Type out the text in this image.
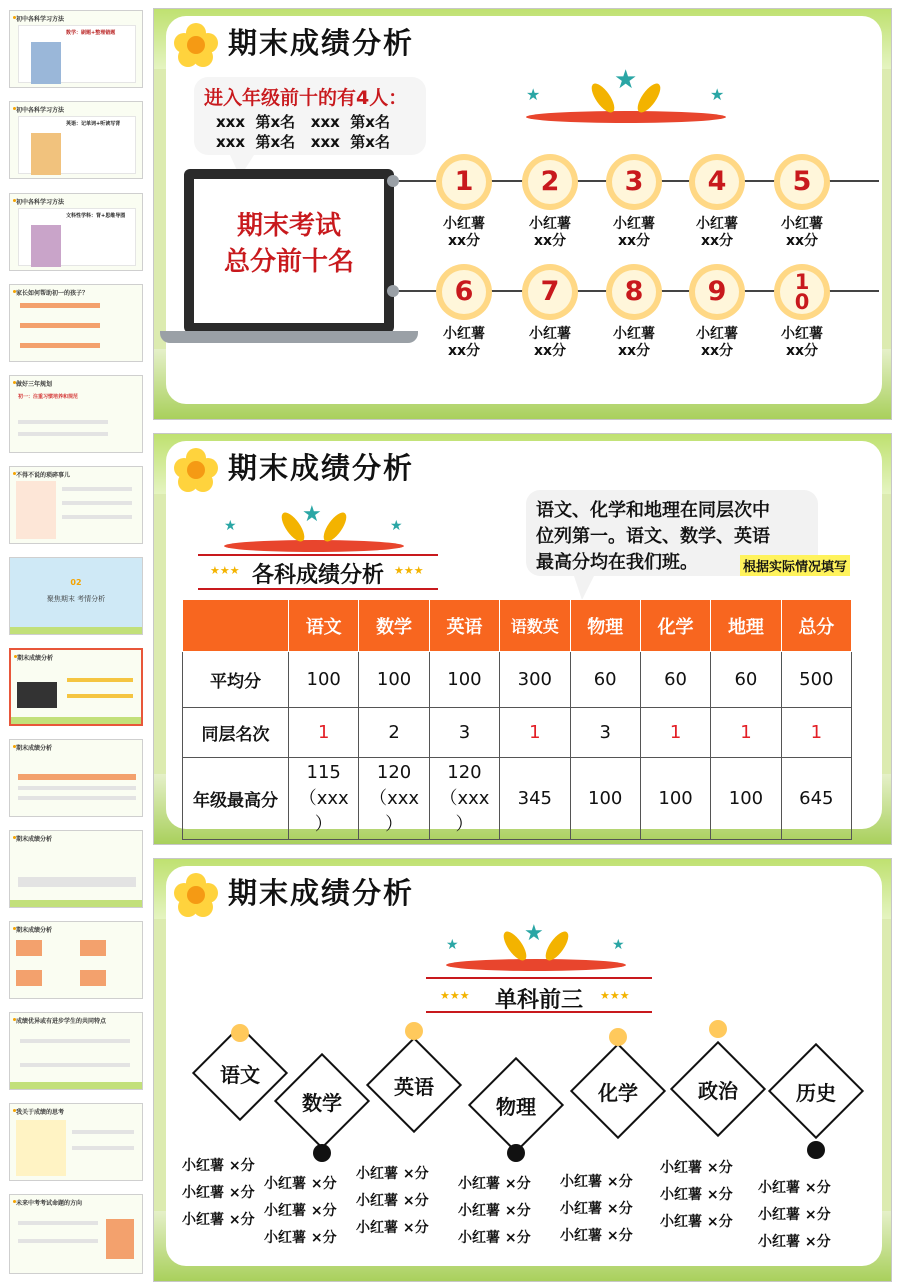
初中各科学习方法
数学：刷题+整理错题
初中各科学习方法
英语：记单词+听读写背
初中各科学习方法
文科性学科：背+思维导图
家长如何帮助初一的孩子？
做好三年规划
初一：注重习惯培养和规范
不得不说的琐碎事儿
02
聚焦期末 考情分析
期末成绩分析
期末成绩分析
期末成绩分析
期末成绩分析
成绩优异或有进步学生的共同特点
我关于成绩的思考
未来中考考试命题的方向
期末成绩分析
进入年级前十的有4人：
xxx  第x名   xxx  第x名
xxx  第x名   xxx  第x名
★
★	★
期末考试
总分前十名
1
小红薯
xx分
2
小红薯
xx分
3
小红薯
xx分
4
小红薯
xx分
5
小红薯
xx分
6
小红薯
xx分
7
小红薯
xx分
8
小红薯
xx分
9
小红薯
xx分
10
小红薯
xx分
期末成绩分析
★
★	★
★★★	★★★
各科成绩分析
语文、化学和地理在同层次中
位列第一。语文、数学、英语
最高分均在我们班。	根据实际情况填写
	语文	数学	英语	语数英	物理	化学	地理	总分
平均分	100	100	100	300	60	60	60	500
同层名次	1	2	3	1	3	1	1	1
年级最高分	115
（xxx
）	120
（xxx
）	120
（xxx
）	345	100	100	100	645
期末成绩分析
★
★	★
★★★	★★★
单科前三
语文
小红薯 ×分
小红薯 ×分
小红薯 ×分
数学
小红薯 ×分
小红薯 ×分
小红薯 ×分
英语
小红薯 ×分
小红薯 ×分
小红薯 ×分
物理
小红薯 ×分
小红薯 ×分
小红薯 ×分
化学
小红薯 ×分
小红薯 ×分
小红薯 ×分
政治
小红薯 ×分
小红薯 ×分
小红薯 ×分
历史
小红薯 ×分
小红薯 ×分
小红薯 ×分
